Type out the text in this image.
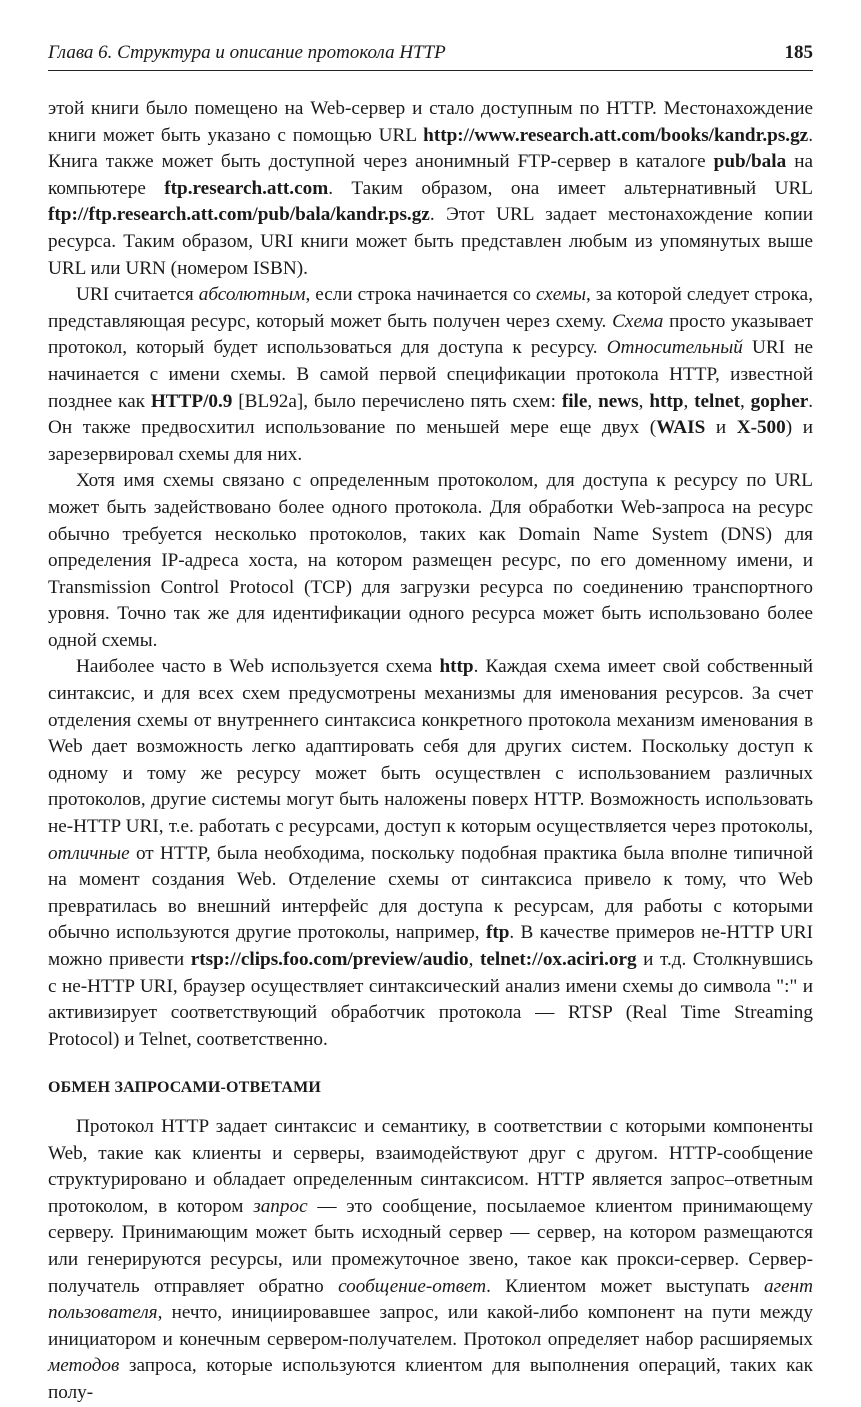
Глава 6. Структура и описание протокола HTTP	185

этой книги было помещено на Web-сервер и стало доступным по HTTP. Местонахождение книги может быть указано с помощью URL http://www.research.att.com/books/kandr.ps.gz. Книга также может быть доступной через анонимный FTP-сервер в каталоге pub/bala на компьютере ftp.research.att.com. Таким образом, она имеет альтернативный URL ftp://ftp.research.att.com/pub/bala/kandr.ps.gz. Этот URL задает местонахождение копии ресурса. Таким образом, URI книги может быть представлен любым из упомянутых выше URL или URN (номером ISBN).

URI считается абсолютным, если строка начинается со схемы, за которой следует строка, представляющая ресурс, который может быть получен через схему. Схема просто указывает протокол, который будет использоваться для доступа к ресурсу. Относительный URI не начинается с имени схемы. В самой первой спецификации протокола HTTP, известной позднее как HTTP/0.9 [BL92a], было перечислено пять схем: file, news, http, telnet, gopher. Он также предвосхитил использование по меньшей мере еще двух (WAIS и X-500) и зарезервировал схемы для них.

Хотя имя схемы связано с определенным протоколом, для доступа к ресурсу по URL может быть задействовано более одного протокола. Для обработки Web-запроса на ресурс обычно требуется несколько протоколов, таких как Domain Name System (DNS) для определения IP-адреса хоста, на котором размещен ресурс, по его доменному имени, и Transmission Control Protocol (TCP) для загрузки ресурса по соединению транспортного уровня. Точно так же для идентификации одного ресурса может быть использовано более одной схемы.

Наиболее часто в Web используется схема http. Каждая схема имеет свой собственный синтаксис, и для всех схем предусмотрены механизмы для именования ресурсов. За счет отделения схемы от внутреннего синтаксиса конкретного протокола механизм именования в Web дает возможность легко адаптировать себя для других систем. Поскольку доступ к одному и тому же ресурсу может быть осуществлен с использованием различных протоколов, другие системы могут быть наложены поверх HTTP. Возможность использовать не-HTTP URI, т.е. работать с ресурсами, доступ к которым осуществляется через протоколы, отличные от HTTP, была необходима, поскольку подобная практика была вполне типичной на момент создания Web. Отделение схемы от синтаксиса привело к тому, что Web превратилась во внешний интерфейс для доступа к ресурсам, для работы с которыми обычно используются другие протоколы, например, ftp. В качестве примеров не-HTTP URI можно привести rtsp://clips.foo.com/preview/audio, telnet://ox.aciri.org и т.д. Столкнувшись с не-HTTP URI, браузер осуществляет синтаксический анализ имени схемы до символа ":" и активизирует соответствующий обработчик протокола — RTSP (Real Time Streaming Protocol) и Telnet, соответственно.

ОБМЕН ЗАПРОСАМИ-ОТВЕТАМИ

Протокол HTTP задает синтаксис и семантику, в соответствии с которыми компоненты Web, такие как клиенты и серверы, взаимодействуют друг с другом. HTTP-сообщение структурировано и обладает определенным синтаксисом. HTTP является запрос–ответным протоколом, в котором запрос — это сообщение, посылаемое клиентом принимающему серверу. Принимающим может быть исходный сервер — сервер, на котором размещаются или генерируются ресурсы, или промежуточное звено, такое как прокси-сервер. Сервер-получатель отправляет обратно сообщение-ответ. Клиентом может выступать агент пользователя, нечто, инициировавшее запрос, или какой-либо компонент на пути между инициатором и конечным сервером-получателем. Протокол определяет набор расширяемых методов запроса, которые используются клиентом для выполнения операций, таких как полу-
